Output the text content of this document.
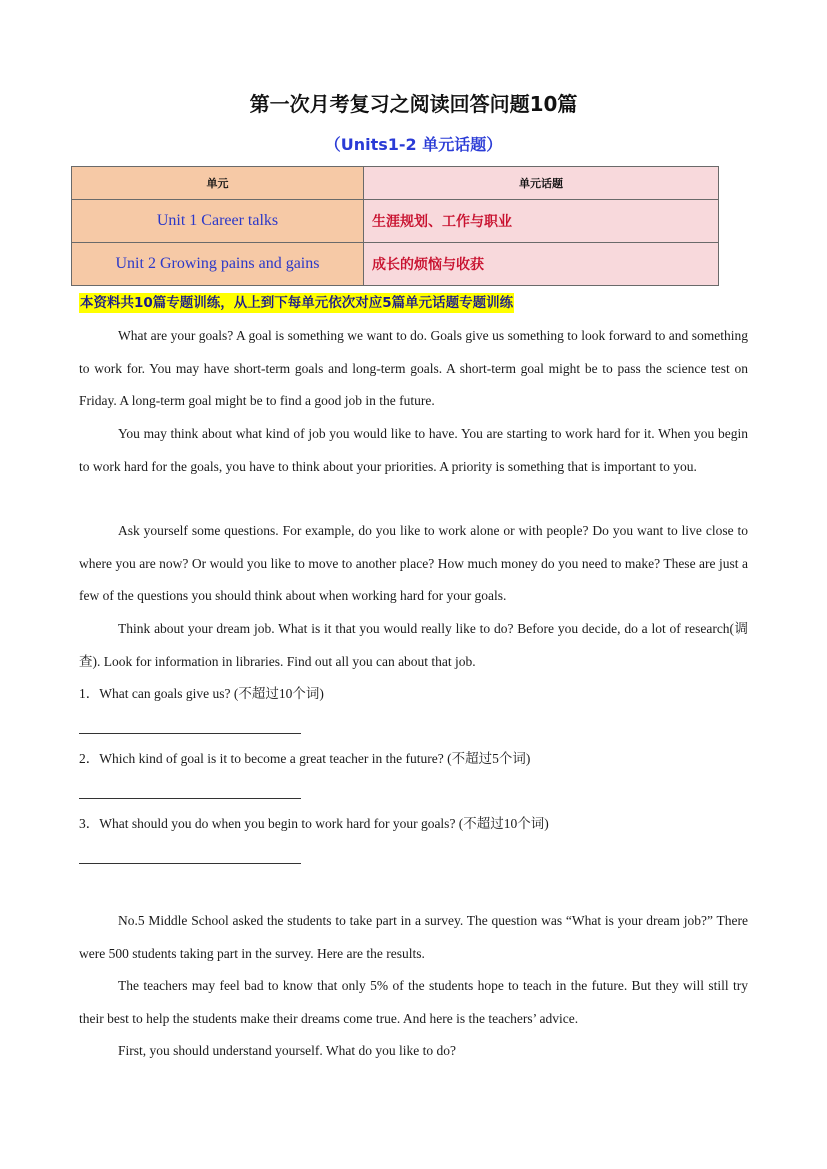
第一次月考复习之阅读回答问题10篇
（Units1-2 单元话题）
单元	单元话题
Unit 1 Career talks	生涯规划、工作与职业
Unit 2 Growing pains and gains	成长的烦恼与收获
本资料共10篇专题训练，从上到下每单元依次对应5篇单元话题专题训练
What are your goals? A goal is something we want to do. Goals give us something to look forward to and something to work for. You may have short-term goals and long-term goals. A short-term goal might be to pass the science test on Friday. A long-term goal might be to find a good job in the future.
You may think about what kind of job you would like to have. You are starting to work hard for it. When you begin to work hard for the goals, you have to think about your priorities. A priority is something that is important to you.
Ask yourself some questions. For example, do you like to work alone or with people? Do you want to live close to where you are now? Or would you like to move to another place? How much money do you need to make? These are just a few of the questions you should think about when working hard for your goals.
Think about your dream job. What is it that you would really like to do? Before you decide, do a lot of research(调查). Look for information in libraries. Find out all you can about that job.
1．What can goals give us? (不超过10个词)
2．Which kind of goal is it to become a great teacher in the future? (不超过5个词)
3．What should you do when you begin to work hard for your goals? (不超过10个词)
No.5 Middle School asked the students to take part in a survey. The question was “What is your dream job?” There were 500 students taking part in the survey. Here are the results.
The teachers may feel bad to know that only 5% of the students hope to teach in the future. But they will still try their best to help the students make their dreams come true. And here is the teachers’ advice.
First, you should understand yourself. What do you like to do?
